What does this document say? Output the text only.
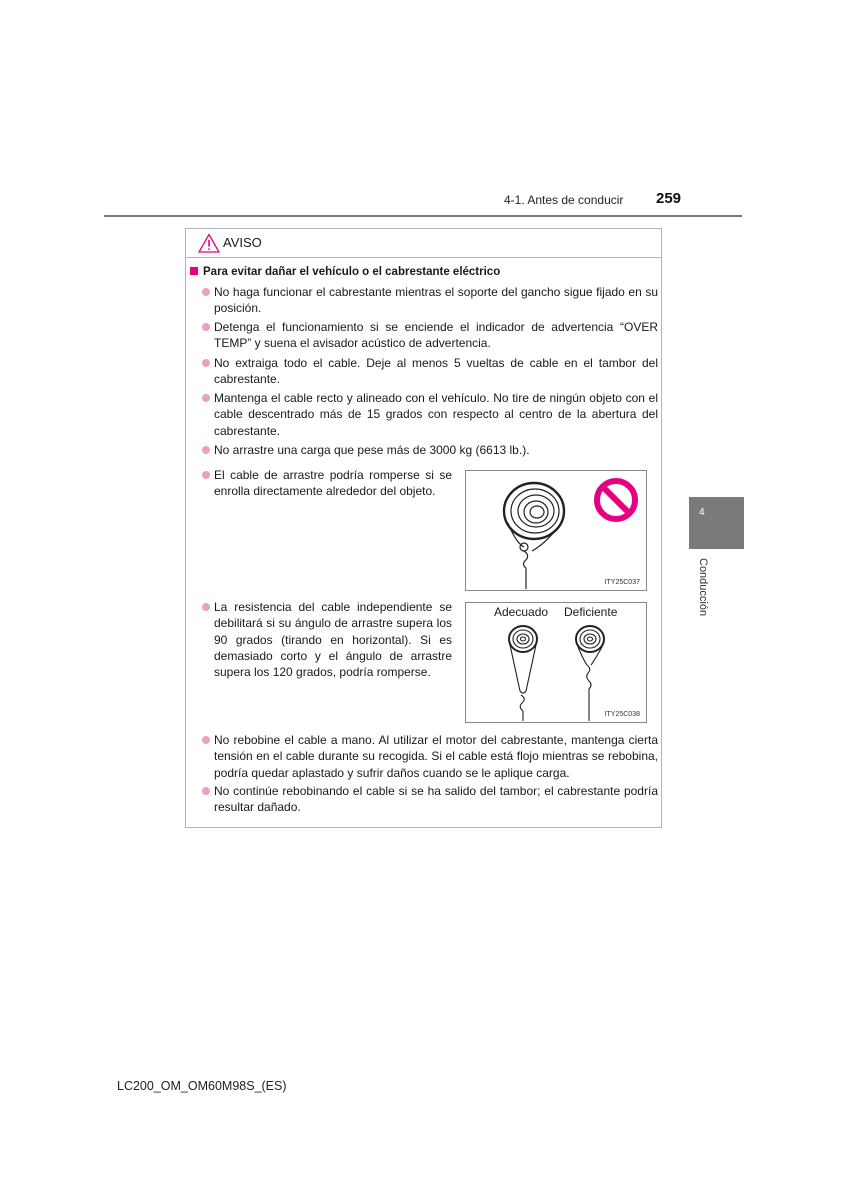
4-1. Antes de conducir 259
4
Conducción
AVISO
Para evitar dañar el vehículo o el cabrestante eléctrico
No haga funcionar el cabrestante mientras el soporte del gancho sigue fijado en su posición.
Detenga el funcionamiento si se enciende el indicador de advertencia “OVER TEMP” y suena el avisador acústico de advertencia.
No extraiga todo el cable. Deje al menos 5 vueltas de cable en el tambor del cabrestante.
Mantenga el cable recto y alineado con el vehículo. No tire de ningún objeto con el cable descentrado más de 15 grados con respecto al centro de la abertura del cabrestante.
No arrastre una carga que pese más de 3000 kg (6613 lb.).
El cable de arrastre podría romperse si se enrolla directamente alrededor del objeto.
La resistencia del cable independiente se debilitará si su ángulo de arrastre supera los 90 grados (tirando en horizontal). Si es demasiado corto y el ángulo de arrastre supera los 120 grados, podría romperse.
No rebobine el cable a mano. Al utilizar el motor del cabrestante, mantenga cierta tensión en el cable durante su recogida. Si el cable está flojo mientras se rebobina, podría quedar aplastado y sufrir daños cuando se le aplique carga.
No continúe rebobinando el cable si se ha salido del tambor; el cabrestante podría resultar dañado.
ITY25C037
Adecuado Deficiente
ITY25C038
LC200_OM_OM60M98S_(ES)
